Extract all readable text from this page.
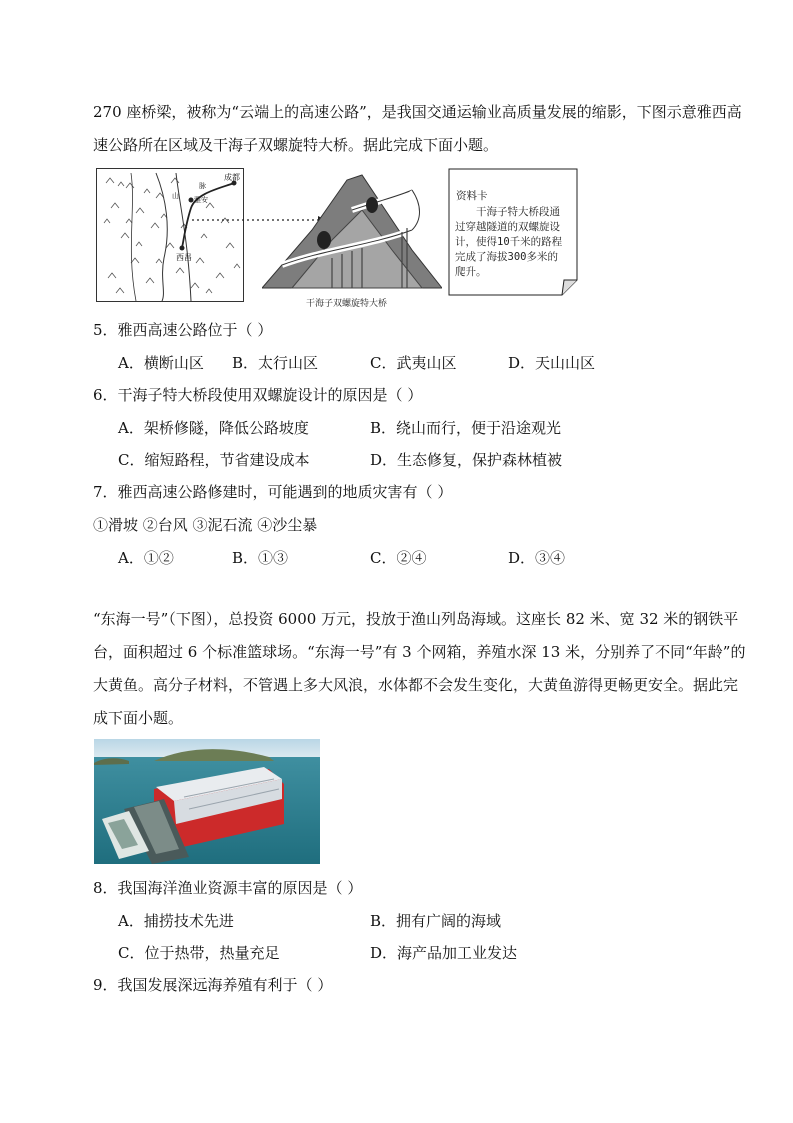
270 座桥梁，被称为“云端上的高速公路”，是我国交通运输业高质量发展的缩影，下图示意雅西高
速公路所在区域及干海子双螺旋特大桥。据此完成下面小题。
成都
脉
雅安
山
西昌
干海子双螺旋特大桥
资料卡
干海子特大桥段通过穿越隧道的双螺旋设计，使得10千米的路程完成了海拔300多米的爬升。
5．雅西高速公路位于（ ）
A．横断山区 B．太行山区	C．武夷山区	D．天山山区
6．干海子特大桥段使用双螺旋设计的原因是（ ）
A．架桥修隧，降低公路坡度	B．绕山而行，便于沿途观光
C．缩短路程，节省建设成本	D．生态修复，保护森林植被
7．雅西高速公路修建时，可能遇到的地质灾害有（ ）
①滑坡 ②台风 ③泥石流 ④沙尘暴
A．①②	B．①③	C．②④	D．③④
“东海一号”（下图），总投资 6000 万元，投放于渔山列岛海域。这座长 82 米、宽 32 米的钢铁平
台，面积超过 6 个标准篮球场。“东海一号”有 3 个网箱，养殖水深 13 米，分别养了不同“年龄”的
大黄鱼。高分子材料，不管遇上多大风浪，水体都不会发生变化，大黄鱼游得更畅更安全。据此完
成下面小题。
8．我国海洋渔业资源丰富的原因是（ ）
A．捕捞技术先进	B．拥有广阔的海域
C．位于热带，热量充足	D．海产品加工业发达
9．我国发展深远海养殖有利于（ ）
